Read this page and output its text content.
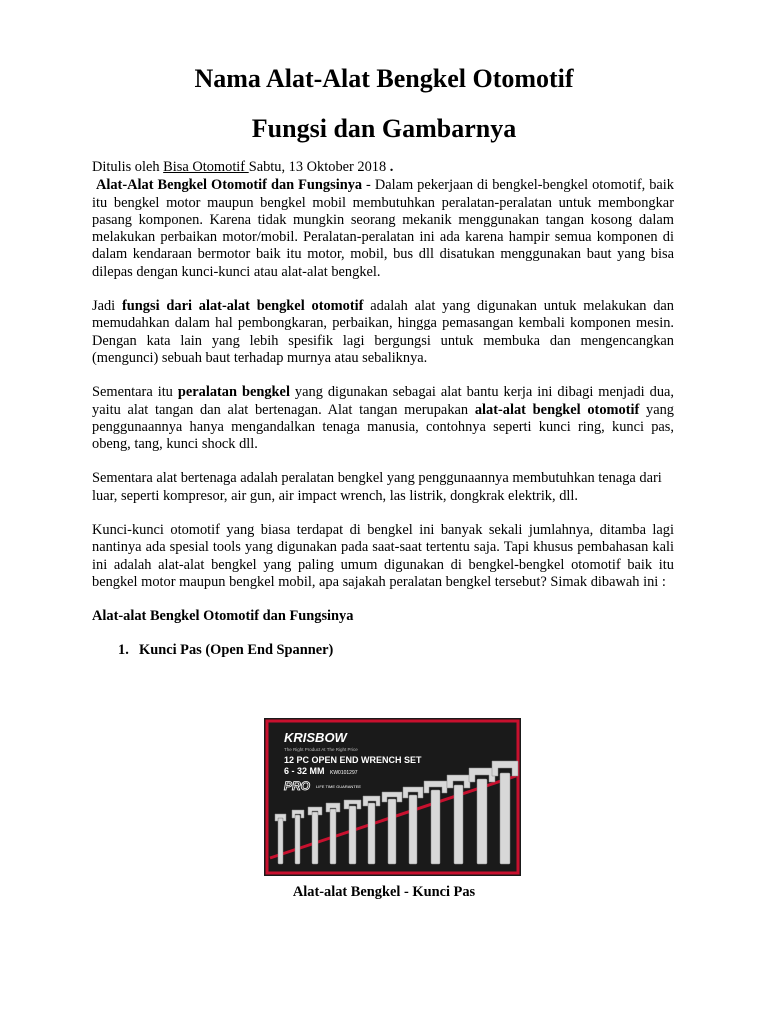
Nama Alat-Alat Bengkel Otomotif
Fungsi dan Gambarnya
Ditulis oleh Bisa Otomotif Sabtu, 13 Oktober 2018 .

Alat-Alat Bengkel Otomotif dan Fungsinya - Dalam pekerjaan di bengkel-bengkel otomotif, baik itu bengkel motor maupun bengkel mobil membutuhkan peralatan-peralatan untuk membongkar pasang komponen. Karena tidak mungkin seorang mekanik menggunakan tangan kosong dalam melakukan perbaikan motor/mobil. Peralatan-peralatan ini ada karena hampir semua komponen di dalam kendaraan bermotor baik itu motor, mobil, bus dll disatukan menggunakan baut yang bisa dilepas dengan kunci-kunci atau alat-alat bengkel.

Jadi fungsi dari alat-alat bengkel otomotif adalah alat yang digunakan untuk melakukan dan memudahkan dalam hal pembongkaran, perbaikan, hingga pemasangan kembali komponen mesin. Dengan kata lain yang lebih spesifik lagi bergungsi untuk membuka dan mengencangkan (mengunci) sebuah baut terhadap murnya atau sebaliknya.

Sementara itu peralatan bengkel yang digunakan sebagai alat bantu kerja ini dibagi menjadi dua, yaitu alat tangan dan alat bertenagan. Alat tangan merupakan alat-alat bengkel otomotif yang penggunaannya hanya mengandalkan tenaga manusia, contohnya seperti kunci ring, kunci pas, obeng, tang, kunci shock dll.

Sementara alat bertenaga adalah peralatan bengkel yang penggunaannya membutuhkan tenaga dari luar, seperti kompresor, air gun, air impact wrench, las listrik, dongkrak elektrik, dll.

Kunci-kunci otomotif yang biasa terdapat di bengkel ini banyak sekali jumlahnya, ditamba lagi nantinya ada spesial tools yang digunakan pada saat-saat tertentu saja. Tapi khusus pembahasan kali ini adalah alat-alat bengkel yang paling umum digunakan di bengkel-bengkel otomotif baik itu bengkel motor maupun bengkel mobil, apa sajakah peralatan bengkel tersebut? Simak dibawah ini :

Alat-alat Bengkel Otomotif dan Fungsinya
1. Kunci Pas (Open End Spanner)
KRISBOW
The Right Product At The Right Price
12 PC OPEN END WRENCH SET
6 - 32 MM KW0101297
PRO LIFE TIME GUARANTEE
Alat-alat Bengkel - Kunci Pas
